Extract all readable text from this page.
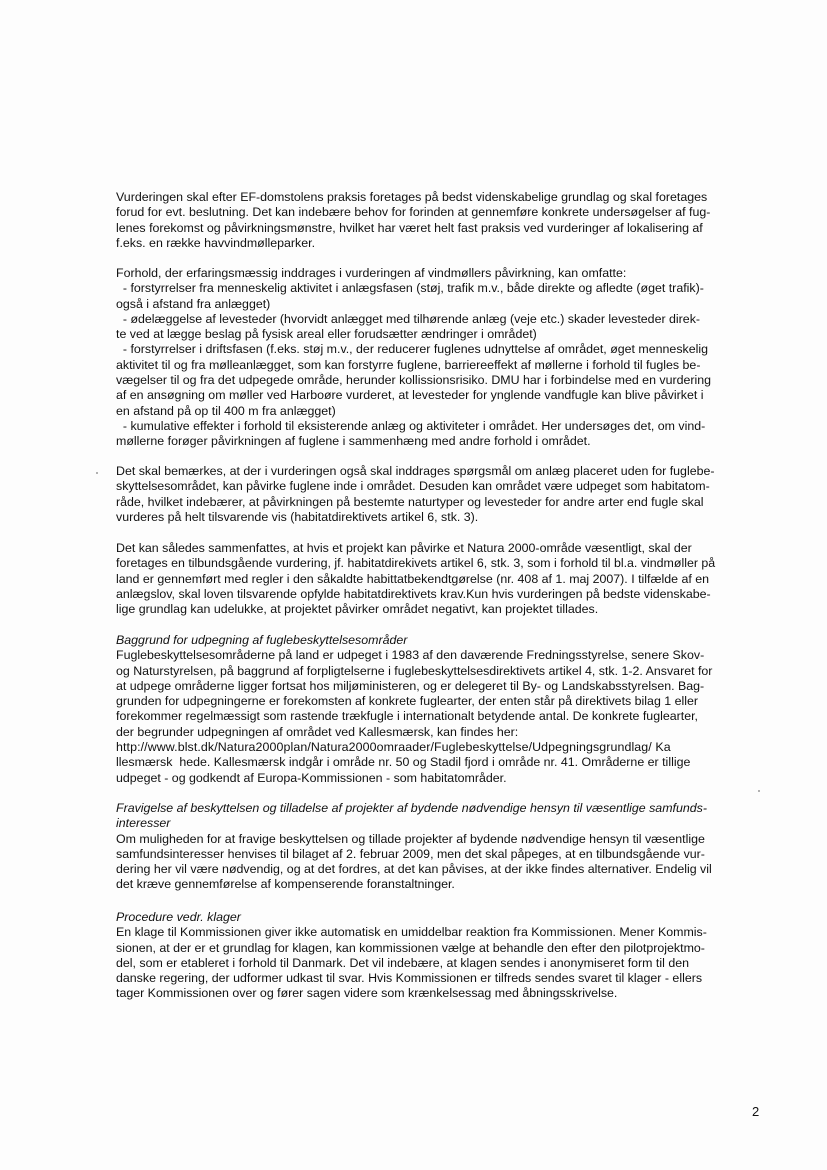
Vurderingen skal efter EF-domstolens praksis foretages på bedst videnskabelige grundlag og skal foretages

forud for evt. beslutning. Det kan indebære behov for forinden at gennemføre konkrete undersøgelser af fug-

lenes forekomst og påvirkningsmønstre, hvilket har været helt fast praksis ved vurderinger af lokalisering af

f.eks. en række havvindmølleparker.

Forhold, der erfaringsmæssig inddrages i vurderingen af vindmøllers påvirkning, kan omfatte:

- forstyrrelser fra menneskelig aktivitet i anlægsfasen (støj, trafik m.v., både direkte og afledte (øget trafik)-

også i afstand fra anlægget)

- ødelæggelse af levesteder (hvorvidt anlægget med tilhørende anlæg (veje etc.) skader levesteder direk-

te ved at lægge beslag på fysisk areal eller forudsætter ændringer i området)

- forstyrrelser i driftsfasen (f.eks. støj m.v., der reducerer fuglenes udnyttelse af området, øget menneskelig

aktivitet til og fra mølleanlægget, som kan forstyrre fuglene, barriereeffekt af møllerne i forhold til fugles be-

vægelser til og fra det udpegede område, herunder kollissionsrisiko. DMU har i forbindelse med en vurdering

af en ansøgning om møller ved Harboøre vurderet, at levesteder for ynglende vandfugle kan blive påvirket i

en afstand på op til 400 m fra anlægget)

- kumulative effekter i forhold til eksisterende anlæg og aktiviteter i området. Her undersøges det, om vind-

møllerne forøger påvirkningen af fuglene i sammenhæng med andre forhold i området.

Det skal bemærkes, at der i vurderingen også skal inddrages spørgsmål om anlæg placeret uden for fuglebe-

skyttelsesområdet, kan påvirke fuglene inde i området. Desuden kan området være udpeget som habitatom-

råde, hvilket indebærer, at påvirkningen på bestemte naturtyper og levesteder for andre arter end fugle skal

vurderes på helt tilsvarende vis (habitatdirektivets artikel 6, stk. 3).

Det kan således sammenfattes, at hvis et projekt kan påvirke et Natura 2000-område væsentligt, skal der

foretages en tilbundsgående vurdering, jf. habitatdirekivets artikel 6, stk. 3, som i forhold til bl.a. vindmøller på

land er gennemført med regler i den såkaldte habittatbekendtgørelse (nr. 408 af 1. maj 2007). I tilfælde af en

anlægslov, skal loven tilsvarende opfylde habitatdirektivets krav.Kun hvis vurderingen på bedste videnskabe-

lige grundlag kan udelukke, at projektet påvirker området negativt, kan projektet tillades.

Baggrund for udpegning af fuglebeskyttelsesområder

Fuglebeskyttelsesområderne på land er udpeget i 1983 af den daværende Fredningsstyrelse, senere Skov-

og Naturstyrelsen, på baggrund af forpligtelserne i fuglebeskyttelsesdirektivets artikel 4, stk. 1-2. Ansvaret for

at udpege områderne ligger fortsat hos miljøministeren, og er delegeret til By- og Landskabsstyrelsen. Bag-

grunden for udpegningerne er forekomsten af konkrete fuglearter, der enten står på direktivets bilag 1 eller

forekommer regelmæssigt som rastende trækfugle i internationalt betydende antal. De konkrete fuglearter,

der begrunder udpegningen af området ved Kallesmærsk, kan findes her:

http://www.blst.dk/Natura2000plan/Natura2000omraader/Fuglebeskyttelse/Udpegningsgrundlag/ Ka

llesmærsk  hede. Kallesmærsk indgår i område nr. 50 og Stadil fjord i område nr. 41. Områderne er tillige

udpeget - og godkendt af Europa-Kommissionen - som habitatområder.

Fravigelse af beskyttelsen og tilladelse af projekter af bydende nødvendige hensyn til væsentlige samfunds-

interesser

Om muligheden for at fravige beskyttelsen og tillade projekter af bydende nødvendige hensyn til væsentlige

samfundsinteresser henvises til bilaget af 2. februar 2009, men det skal påpeges, at en tilbundsgående vur-

dering her vil være nødvendig, og at det fordres, at det kan påvises, at der ikke findes alternativer. Endelig vil

det kræve gennemførelse af kompenserende foranstaltninger.

Procedure vedr. klager

En klage til Kommissionen giver ikke automatisk en umiddelbar reaktion fra Kommissionen. Mener Kommis-

sionen, at der er et grundlag for klagen, kan kommissionen vælge at behandle den efter den pilotprojektmo-

del, som er etableret i forhold til Danmark. Det vil indebære, at klagen sendes i anonymiseret form til den

danske regering, der udformer udkast til svar. Hvis Kommissionen er tilfreds sendes svaret til klager - ellers

tager Kommissionen over og fører sagen videre som krænkelsessag med åbningsskrivelse.

2
